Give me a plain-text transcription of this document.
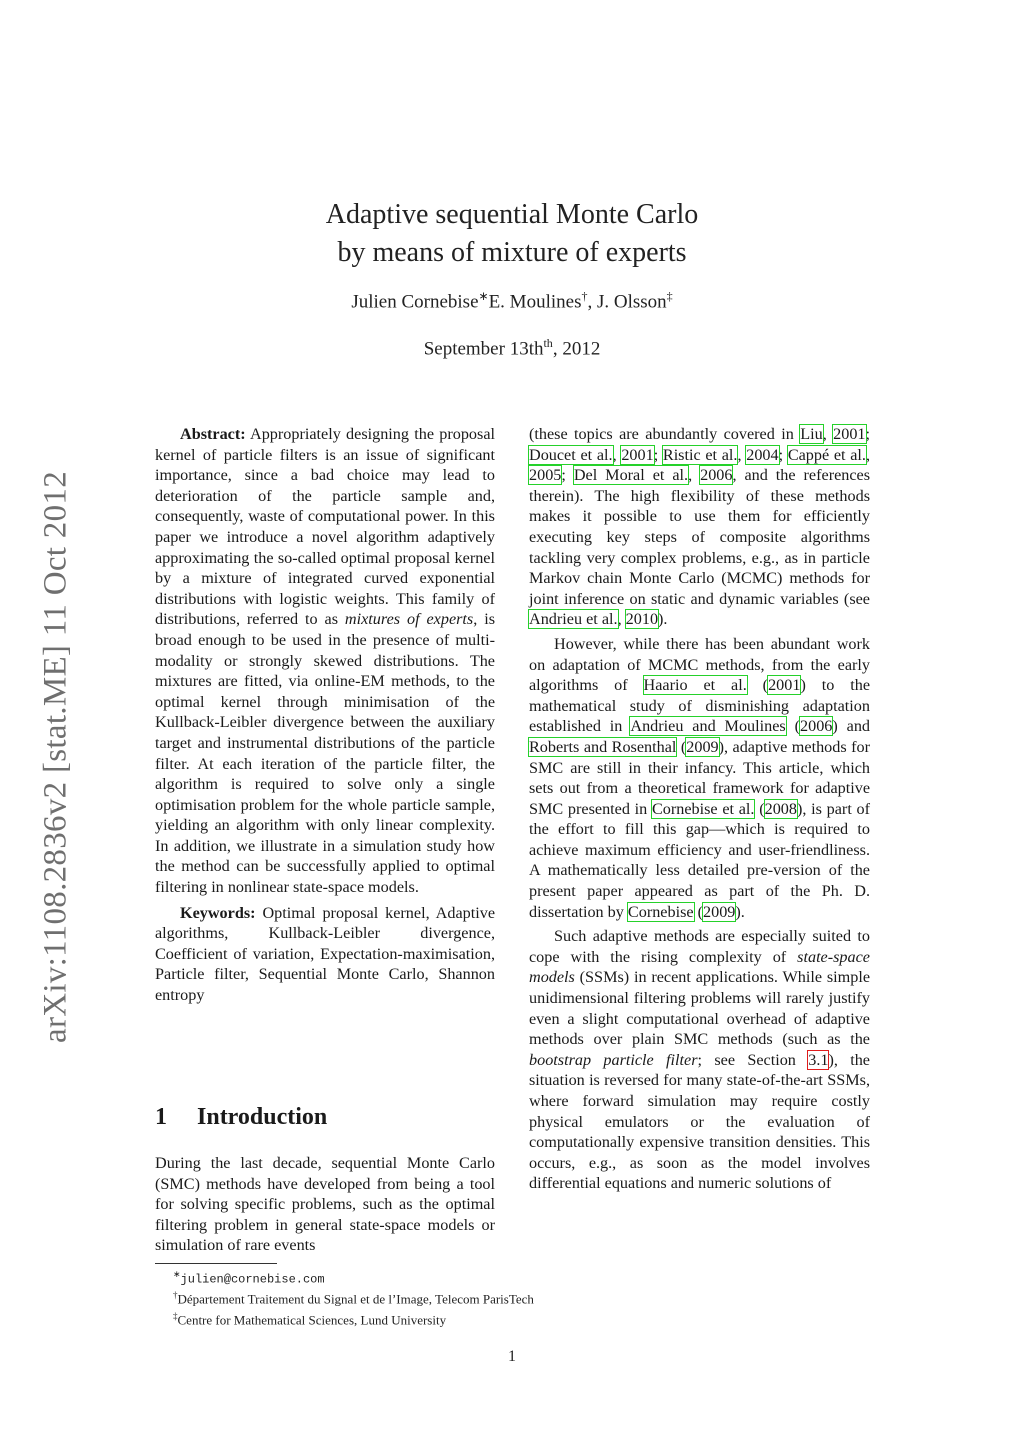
arXiv:1108.2836v2 [stat.ME] 11 Oct 2012
Adaptive sequential Monte Carlo
by means of mixture of experts
Julien Cornebise∗E. Moulines†, J. Olsson‡
September $13th^{th}$, 2012

Abstract: Appropriately designing the proposal kernel of particle filters is an issue of significant importance, since a bad choice may lead to deterioration of the particle sample and, consequently, waste of computational power. In this paper we introduce a novel algorithm adaptively approximating the so-called optimal proposal kernel by a mixture of integrated curved exponential distributions with logistic weights. This family of distributions, referred to as mixtures of experts, is broad enough to be used in the presence of multi-modality or strongly skewed distributions. The mixtures are fitted, via online-EM methods, to the optimal kernel through minimisation of the Kullback-Leibler divergence between the auxiliary target and instrumental distributions of the particle filter. At each iteration of the particle filter, the algorithm is required to solve only a single optimisation problem for the whole particle sample, yielding an algorithm with only linear complexity. In addition, we illustrate in a simulation study how the method can be successfully applied to optimal filtering in nonlinear state-space models.

Keywords: Optimal proposal kernel, Adaptive algorithms, Kullback-Leibler divergence, Coefficient of variation, Expectation-maximisation, Particle filter, Sequential Monte Carlo, Shannon entropy

1 Introduction

During the last decade, sequential Monte Carlo (SMC) methods have developed from being a tool for solving specific problems, such as the optimal filtering problem in general state-space models or simulation of rare events

(these topics are abundantly covered in Liu, 2001; Doucet et al., 2001; Ristic et al., 2004; Cappé et al., 2005; Del Moral et al., 2006, and the references therein). The high flexibility of these methods makes it possible to use them for efficiently executing key steps of composite algorithms tackling very complex problems, e.g., as in particle Markov chain Monte Carlo (MCMC) methods for joint inference on static and dynamic variables (see Andrieu et al., 2010).

However, while there has been abundant work on adaptation of MCMC methods, from the early algorithms of Haario et al. (2001) to the mathematical study of disminishing adaptation established in Andrieu and Moulines (2006) and Roberts and Rosenthal (2009), adaptive methods for SMC are still in their infancy. This article, which sets out from a theoretical framework for adaptive SMC presented in Cornebise et al. (2008), is part of the effort to fill this gap—which is required to achieve maximum efficiency and user-friendliness. A mathematically less detailed pre-version of the present paper appeared as part of the Ph. D. dissertation by Cornebise (2009).

Such adaptive methods are especially suited to cope with the rising complexity of state-space models (SSMs) in recent applications. While simple unidimensional filtering problems will rarely justify even a slight computational overhead of adaptive methods over plain SMC methods (such as the bootstrap particle filter; see Section 3.1), the situation is reversed for many state-of-the-art SSMs, where forward simulation may require costly physical emulators or the evaluation of computationally expensive transition densities. This occurs, e.g., as soon as the model involves differential equations and numeric solutions of

∗julien@cornebise.com
†Département Traitement du Signal et de l’Image, Telecom ParisTech
‡Centre for Mathematical Sciences, Lund University
1
